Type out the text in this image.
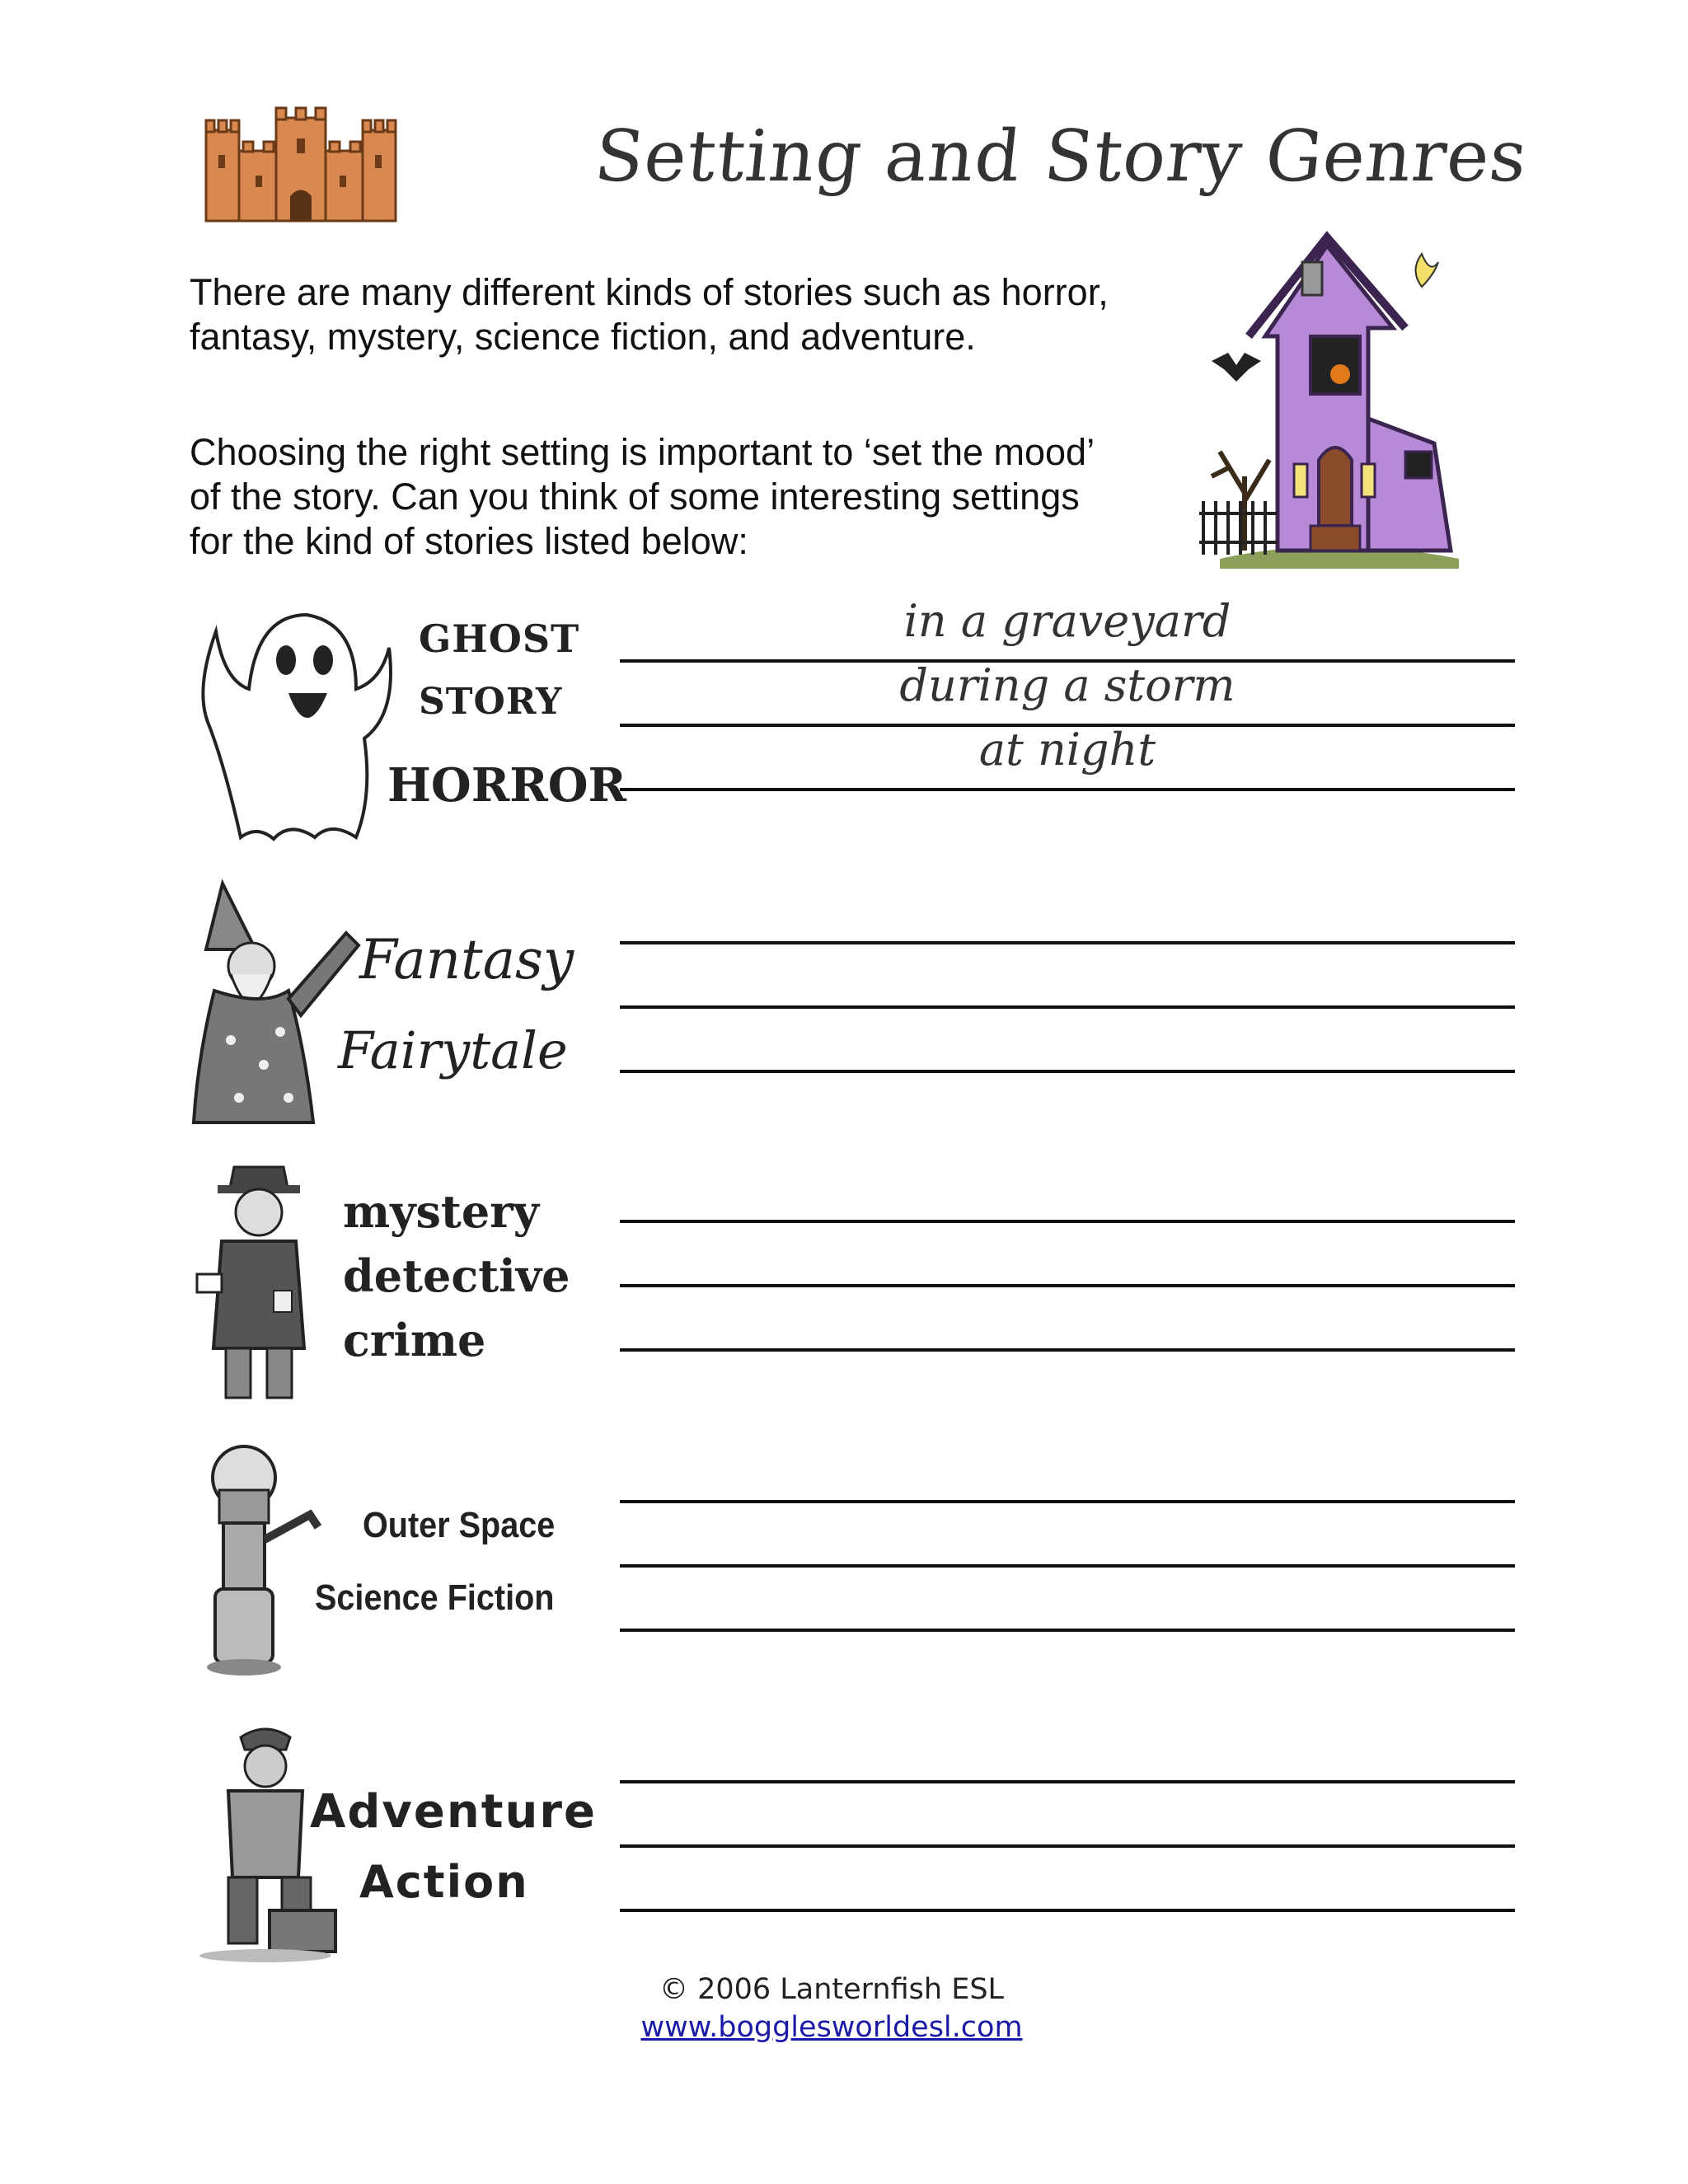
Setting and Story Genres
There are many different kinds of stories such as horror, fantasy, mystery, science fiction, and adventure.
Choosing the right setting is important to ‘set the mood’ of the story. Can you think of some interesting settings for the kind of stories listed below:
GHOST
STORY
HORROR
in a graveyard
during a storm
at night
Fantasy
Fairytale
mystery
detective
crime
Outer Space
Science Fiction
Adventure
Action
© 2006 Lanternfish ESL
www.bogglesworldesl.com
